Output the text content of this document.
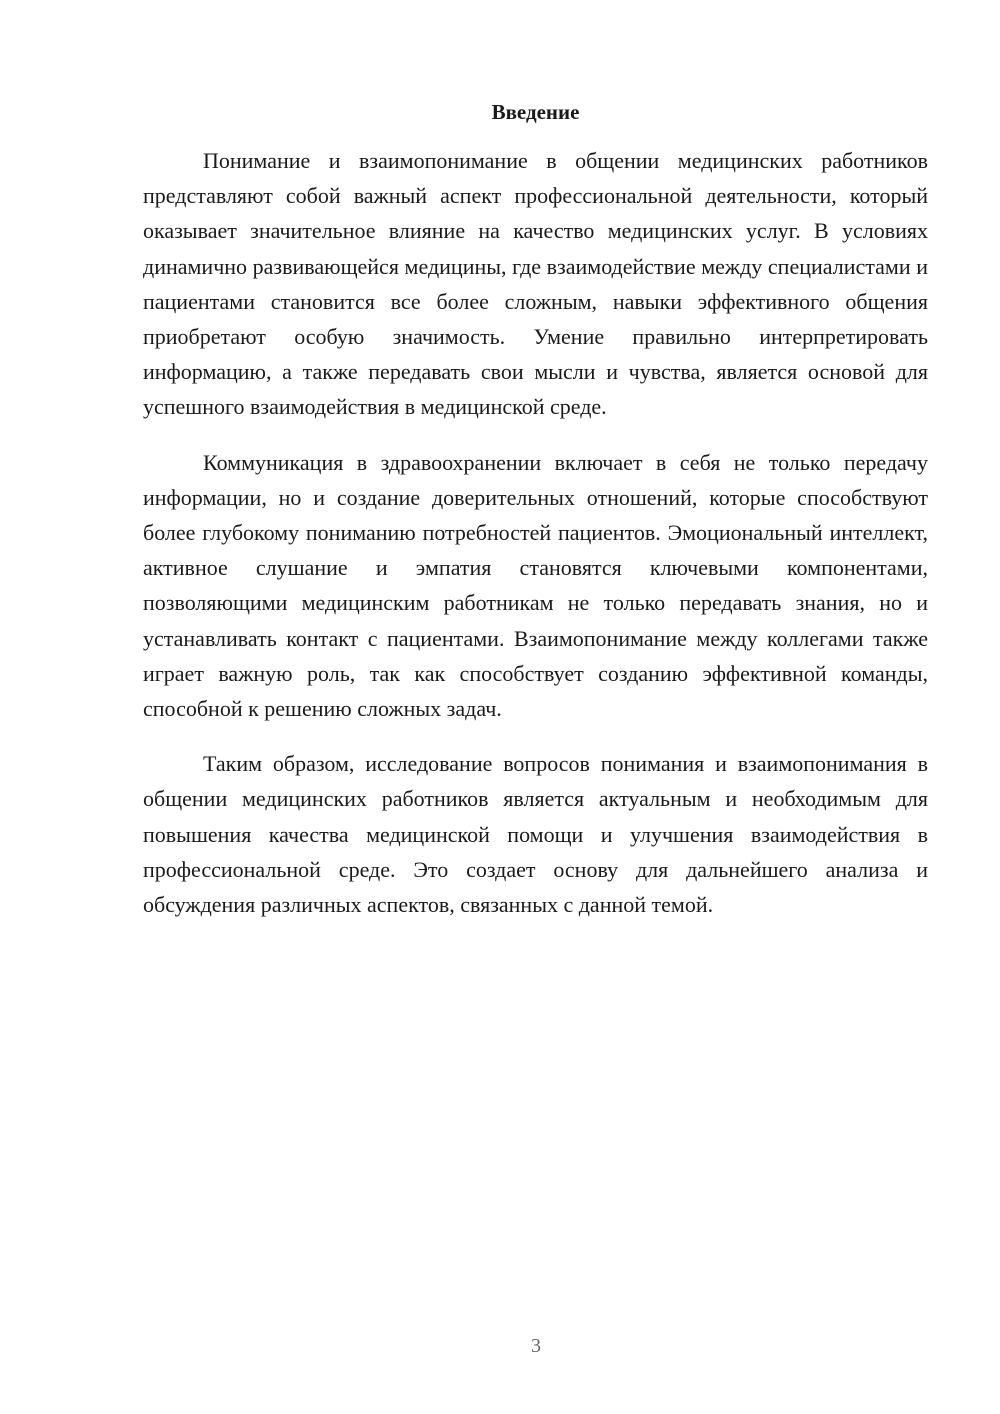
Введение

Понимание и взаимопонимание в общении медицинских работников представляют собой важный аспект профессиональной деятельности, который оказывает значительное влияние на качество медицинских услуг. В условиях динамично развивающейся медицины, где взаимодействие между специалистами и пациентами становится все более сложным, навыки эффективного общения приобретают особую значимость. Умение правильно интерпретировать информацию, а также передавать свои мысли и чувства, является основой для успешного взаимодействия в медицинской среде.

Коммуникация в здравоохранении включает в себя не только передачу информации, но и создание доверительных отношений, которые способствуют более глубокому пониманию потребностей пациентов. Эмоциональный интеллект, активное слушание и эмпатия становятся ключевыми компонентами, позволяющими медицинским работникам не только передавать знания, но и устанавливать контакт с пациентами. Взаимопонимание между коллегами также играет важную роль, так как способствует созданию эффективной команды, способной к решению сложных задач.

Таким образом, исследование вопросов понимания и взаимопонимания в общении медицинских работников является актуальным и необходимым для повышения качества медицинской помощи и улучшения взаимодействия в профессиональной среде. Это создает основу для дальнейшего анализа и обсуждения различных аспектов, связанных с данной темой.

3
